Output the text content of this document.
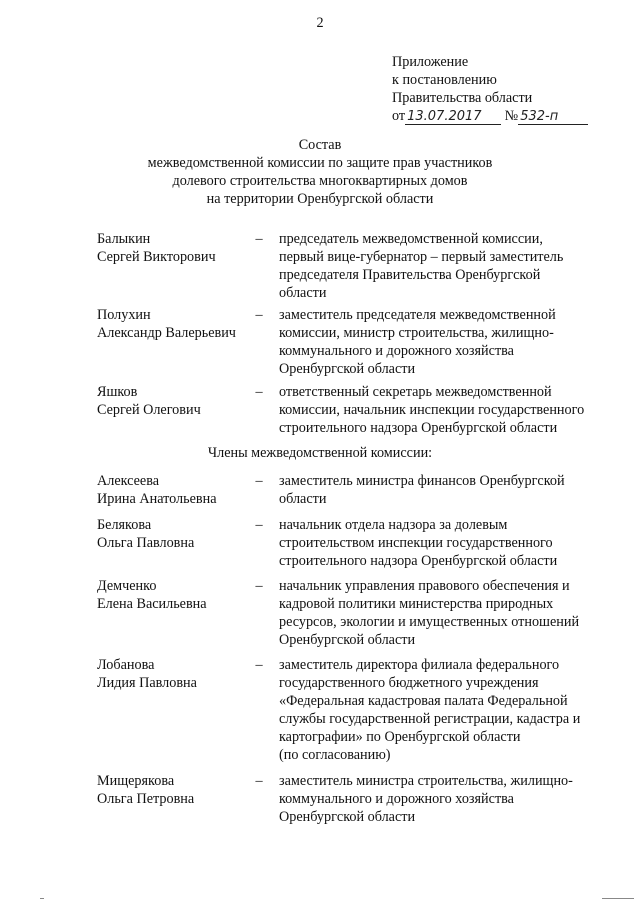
2
Приложение
к постановлению
Правительства области
от 13.07.2017 № 532-п
Состав
межведомственной комиссии по защите прав участников
долевого строительства многоквартирных домов
на территории Оренбургской области
Балыкин
Сергей Викторович
– председатель межведомственной комиссии,
первый вице-губернатор – первый заместитель
председателя Правительства Оренбургской
области
Полухин
Александр Валерьевич
– заместитель председателя межведомственной
комиссии, министр строительства, жилищно-
коммунального и дорожного хозяйства
Оренбургской области
Яшков
Сергей Олегович
– ответственный секретарь межведомственной
комиссии, начальник инспекции государственного
строительного надзора Оренбургской области
Члены межведомственной комиссии:
Алексеева
Ирина Анатольевна
– заместитель министра финансов Оренбургской
области
Белякова
Ольга Павловна
– начальник отдела надзора за долевым
строительством инспекции государственного
строительного надзора Оренбургской области
Демченко
Елена Васильевна
– начальник управления правового обеспечения и
кадровой политики министерства природных
ресурсов, экологии и имущественных отношений
Оренбургской области
Лобанова
Лидия Павловна
– заместитель директора филиала федерального
государственного бюджетного учреждения
«Федеральная кадастровая палата Федеральной
службы государственной регистрации, кадастра и
картографии» по Оренбургской области
(по согласованию)
Мищерякова
Ольга Петровна
– заместитель министра строительства, жилищно-
коммунального и дорожного хозяйства
Оренбургской области
